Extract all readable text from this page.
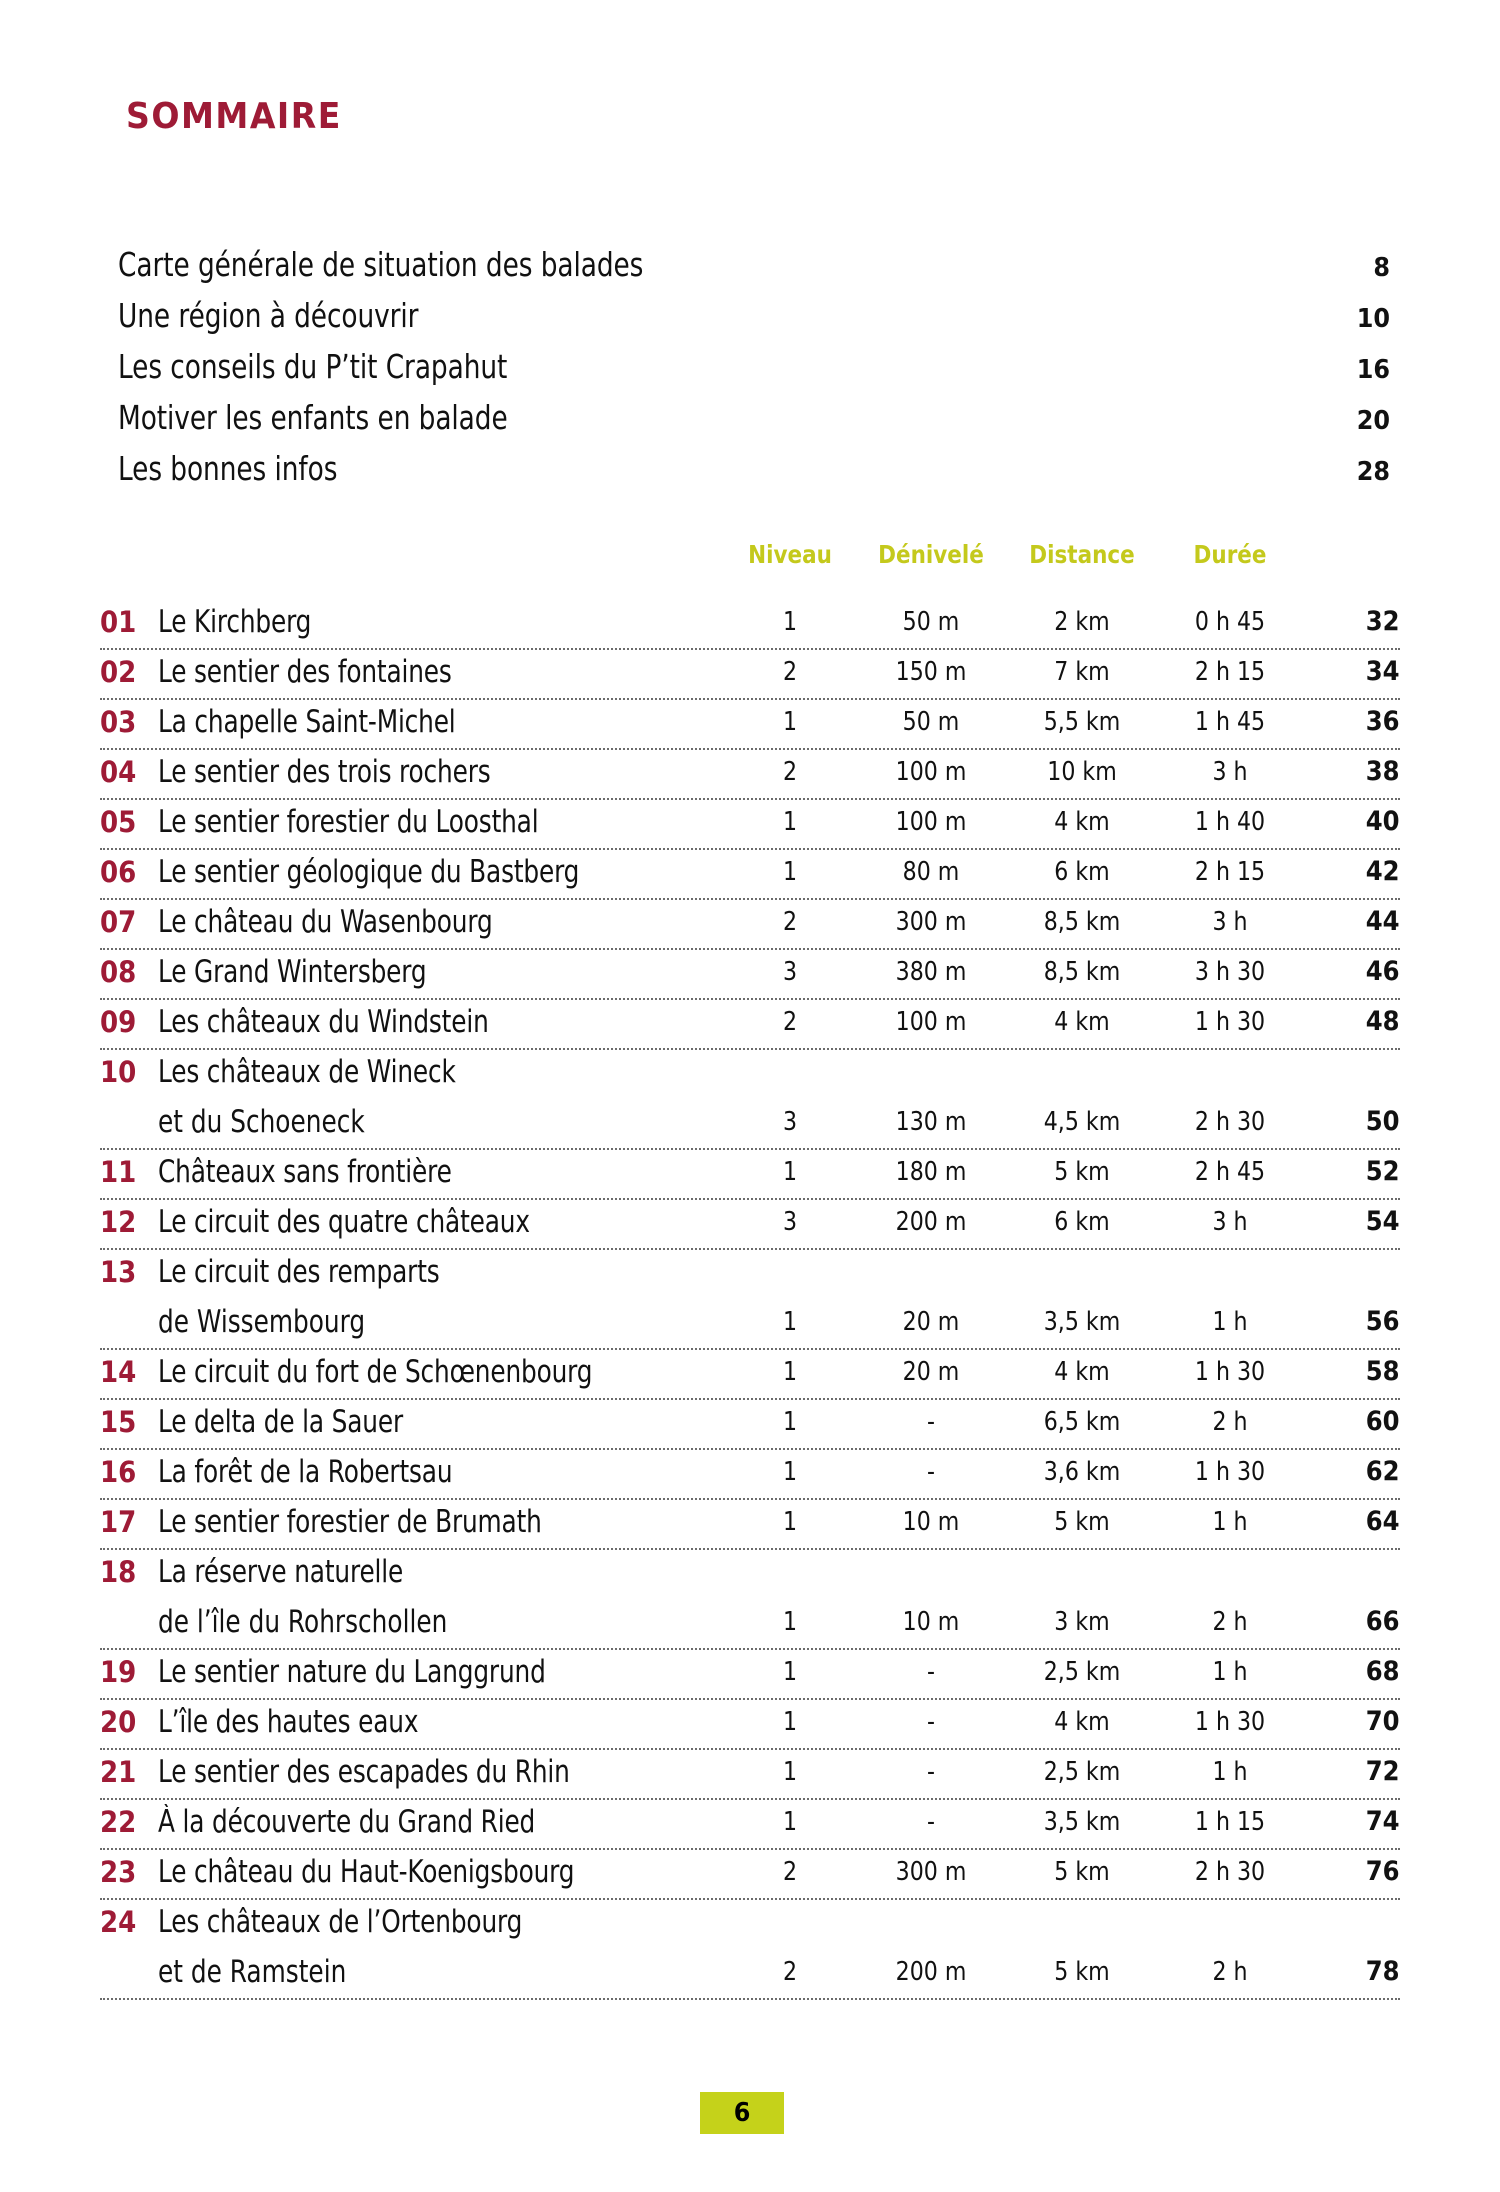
SOMMAIRE
Carte générale de situation des balades	8
Une région à découvrir	10
Les conseils du P’tit Crapahut	16
Motiver les enfants en balade	20
Les bonnes infos	28
Niveau Dénivelé Distance Durée
01 Le Kirchberg	1	50 m	2 km	0 h 45	32
02 Le sentier des fontaines	2	150 m	7 km	2 h 15	34
03 La chapelle Saint-Michel	1	50 m	5,5 km	1 h 45	36
04 Le sentier des trois rochers	2	100 m	10 km	3 h	38
05 Le sentier forestier du Loosthal	1	100 m	4 km	1 h 40	40
06 Le sentier géologique du Bastberg	1	80 m	6 km	2 h 15	42
07 Le château du Wasenbourg	2	300 m	8,5 km	3 h	44
08 Le Grand Wintersberg	3	380 m	8,5 km	3 h 30	46
09 Les châteaux du Windstein	2	100 m	4 km	1 h 30	48
10 Les châteaux de Wineck
et du Schoeneck	3	130 m	4,5 km	2 h 30	50
11 Châteaux sans frontière	1	180 m	5 km	2 h 45	52
12 Le circuit des quatre châteaux	3	200 m	6 km	3 h	54
13 Le circuit des remparts
de Wissembourg	1	20 m	3,5 km	1 h	56
14 Le circuit du fort de Schœnenbourg	1	20 m	4 km	1 h 30	58
15 Le delta de la Sauer	1	-	6,5 km	2 h	60
16 La forêt de la Robertsau	1	-	3,6 km	1 h 30	62
17 Le sentier forestier de Brumath	1	10 m	5 km	1 h	64
18 La réserve naturelle
de l’île du Rohrschollen	1	10 m	3 km	2 h	66
19 Le sentier nature du Langgrund	1	-	2,5 km	1 h	68
20 L’île des hautes eaux	1	-	4 km	1 h 30	70
21 Le sentier des escapades du Rhin	1	-	2,5 km	1 h	72
22 À la découverte du Grand Ried	1	-	3,5 km	1 h 15	74
23 Le château du Haut-Koenigsbourg	2	300 m	5 km	2 h 30	76
24 Les châteaux de l’Ortenbourg
et de Ramstein	2	200 m	5 km	2 h	78
6
